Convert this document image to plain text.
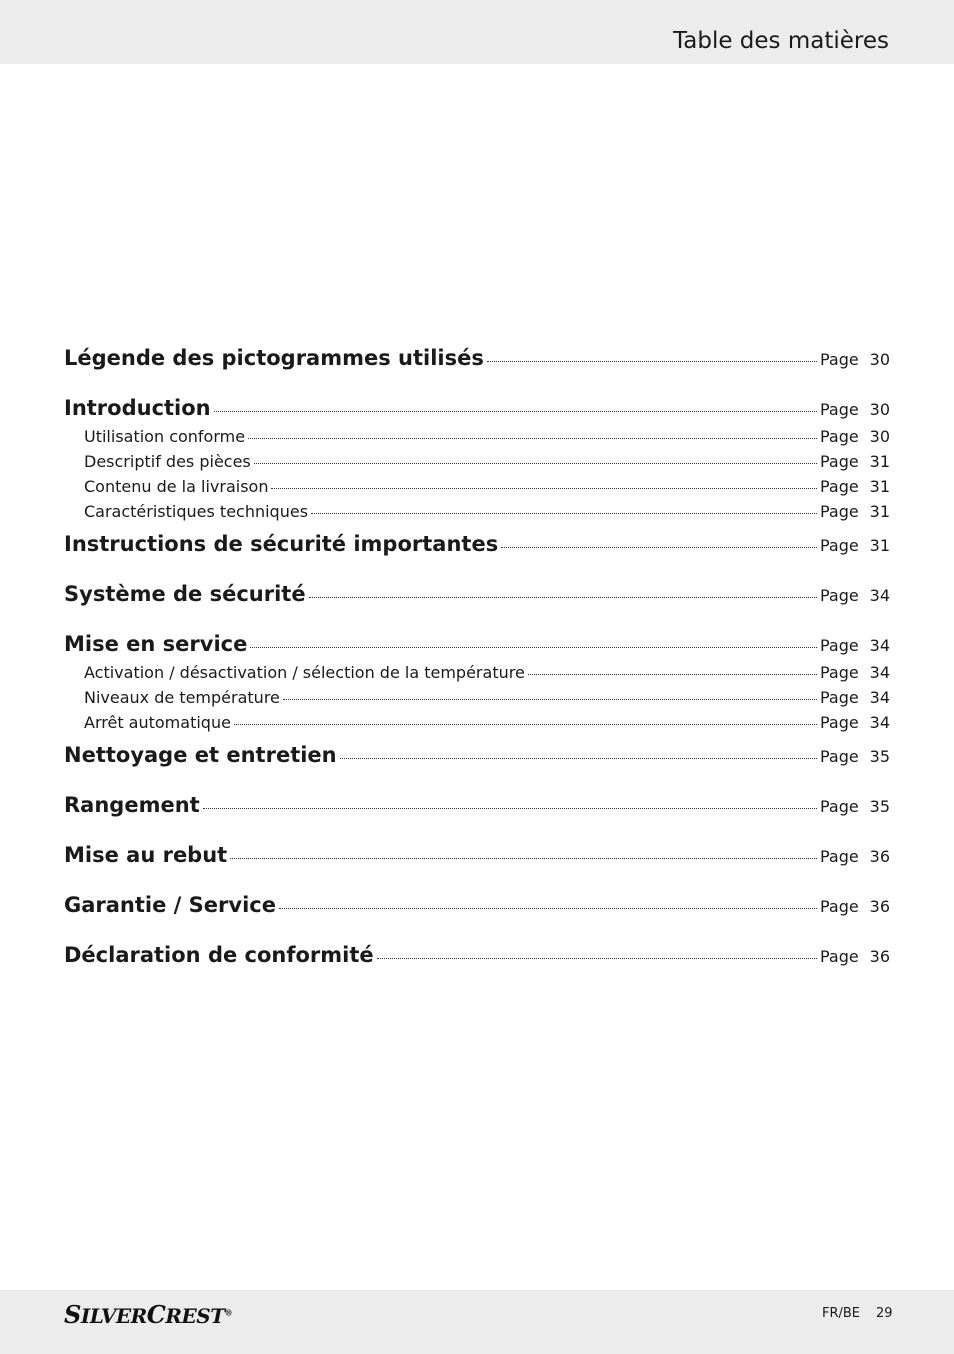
Table des matières
Légende des pictogrammes utilisés	Page 30
Introduction	Page 30
Utilisation conforme	Page 30
Descriptif des pièces	Page 31
Contenu de la livraison	Page 31
Caractéristiques techniques	Page 31
Instructions de sécurité importantes	Page 31
Système de sécurité	Page 34
Mise en service	Page 34
Activation / désactivation / sélection de la température	Page 34
Niveaux de température	Page 34
Arrêt automatique	Page 34
Nettoyage et entretien	Page 35
Rangement	Page 35
Mise au rebut	Page 36
Garantie / Service	Page 36
Déclaration de conformité	Page 36
SILVERCREST®	FR/BE 29
